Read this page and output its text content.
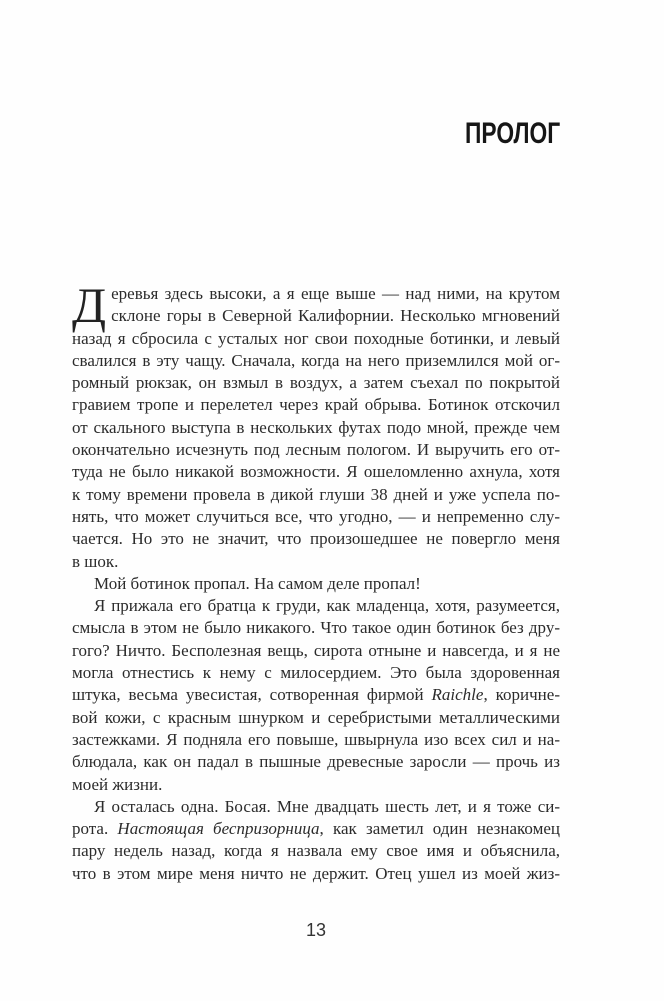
ПРОЛОГ
Деревья здесь высоки, а я еще выше — над ними, на крутом
склоне горы в Северной Калифорнии. Несколько мгновений
назад я сбросила с усталых ног свои походные ботинки, и левый
свалился в эту чащу. Сначала, когда на него приземлился мой ог-
ромный рюкзак, он взмыл в воздух, а затем съехал по покрытой
гравием тропе и перелетел через край обрыва. Ботинок отскочил
от скального выступа в нескольких футах подо мной, прежде чем
окончательно исчезнуть под лесным пологом. И выручить его от-
туда не было никакой возможности. Я ошеломленно ахнула, хотя
к тому времени провела в дикой глуши 38 дней и уже успела по-
нять, что может случиться все, что угодно, — и непременно слу-
чается. Но это не значит, что произошедшее не повергло меня
в шок.
Мой ботинок пропал. На самом деле пропал!
Я прижала его братца к груди, как младенца, хотя, разумеется,
смысла в этом не было никакого. Что такое один ботинок без дру-
гого? Ничто. Бесполезная вещь, сирота отныне и навсегда, и я не
могла отнестись к нему с милосердием. Это была здоровенная
штука, весьма увесистая, сотворенная фирмой Raichle, коричне-
вой кожи, с красным шнурком и серебристыми металлическими
застежками. Я подняла его повыше, швырнула изо всех сил и на-
блюдала, как он падал в пышные древесные заросли — прочь из
моей жизни.
Я осталась одна. Босая. Мне двадцать шесть лет, и я тоже си-
рота. Настоящая беспризорница, как заметил один незнакомец
пару недель назад, когда я назвала ему свое имя и объяснила,
что в этом мире меня ничто не держит. Отец ушел из моей жиз-
13
